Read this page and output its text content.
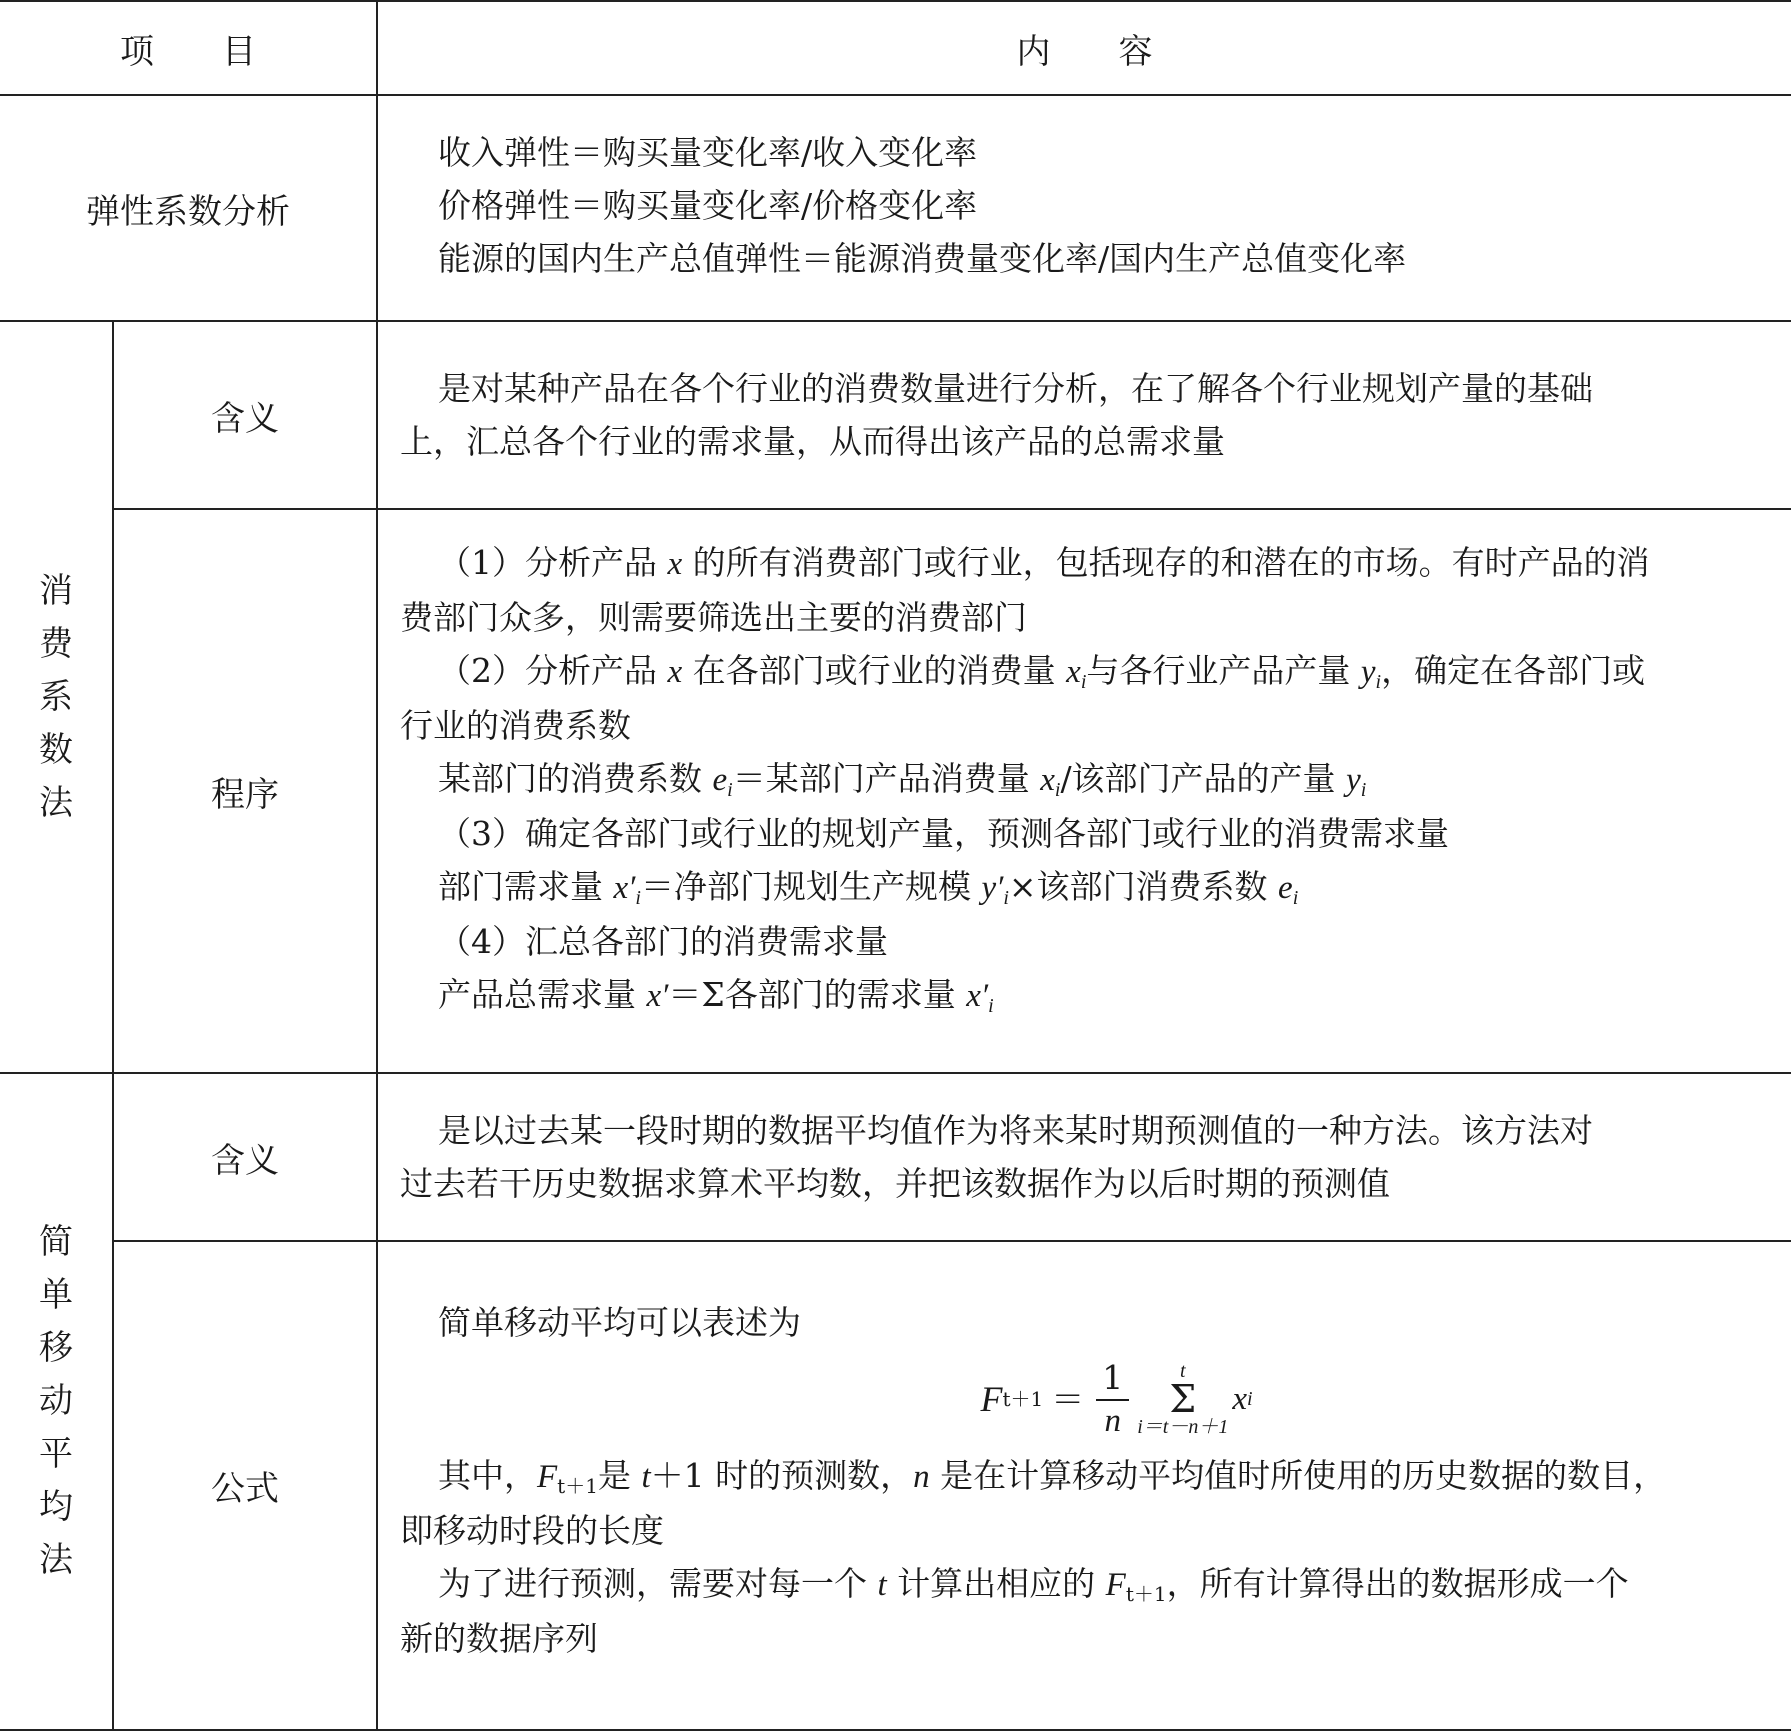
项　　目	内　　容
弹性系数分析

收入弹性＝购买量变化率/收入变化率

价格弹性＝购买量变化率/价格变化率

能源的国内生产总值弹性＝能源消费量变化率/国内生产总值变化率

消
费
系
数
法
含义

是对某种产品在各个行业的消费数量进行分析，在了解各个行业规划产量的基础

上，汇总各个行业的需求量，从而得出该产品的总需求量

程序

（1）分析产品 x 的所有消费部门或行业，包括现存的和潜在的市场。有时产品的消

费部门众多，则需要筛选出主要的消费部门

（2）分析产品 x 在各部门或行业的消费量 $x_i$与各行业产品产量 $y_i$，确定在各部门或

行业的消费系数

某部门的消费系数 $e_i=$某部门产品消费量 $x_i/$该部门产品的产量 $y_i$

（3）确定各部门或行业的规划产量，预测各部门或行业的消费需求量

部门需求量 $x'_i=$净部门规划生产规模 $y'_i\times$该部门消费系数 $e_i$

（4）汇总各部门的消费需求量

产品总需求量 x′＝Σ各部门的需求量 $x'_i$

简
单
移
动
平
均
法
含义

是以过去某一段时期的数据平均值作为将来某时期预测值的一种方法。该方法对

过去若干历史数据求算术平均数，并把该数据作为以后时期的预测值

公式

简单移动平均可以表述为

F $t+1 = \frac{1}{n}$	t
Σ
i＝t－n＋1
x i

其中，$F_{t+1}$是 t＋1 时的预测数，n 是在计算移动平均值时所使用的历史数据的数目，

即移动时段的长度

为了进行预测，需要对每一个 t 计算出相应的 $F_{t+1}$，所有计算得出的数据形成一个

新的数据序列
